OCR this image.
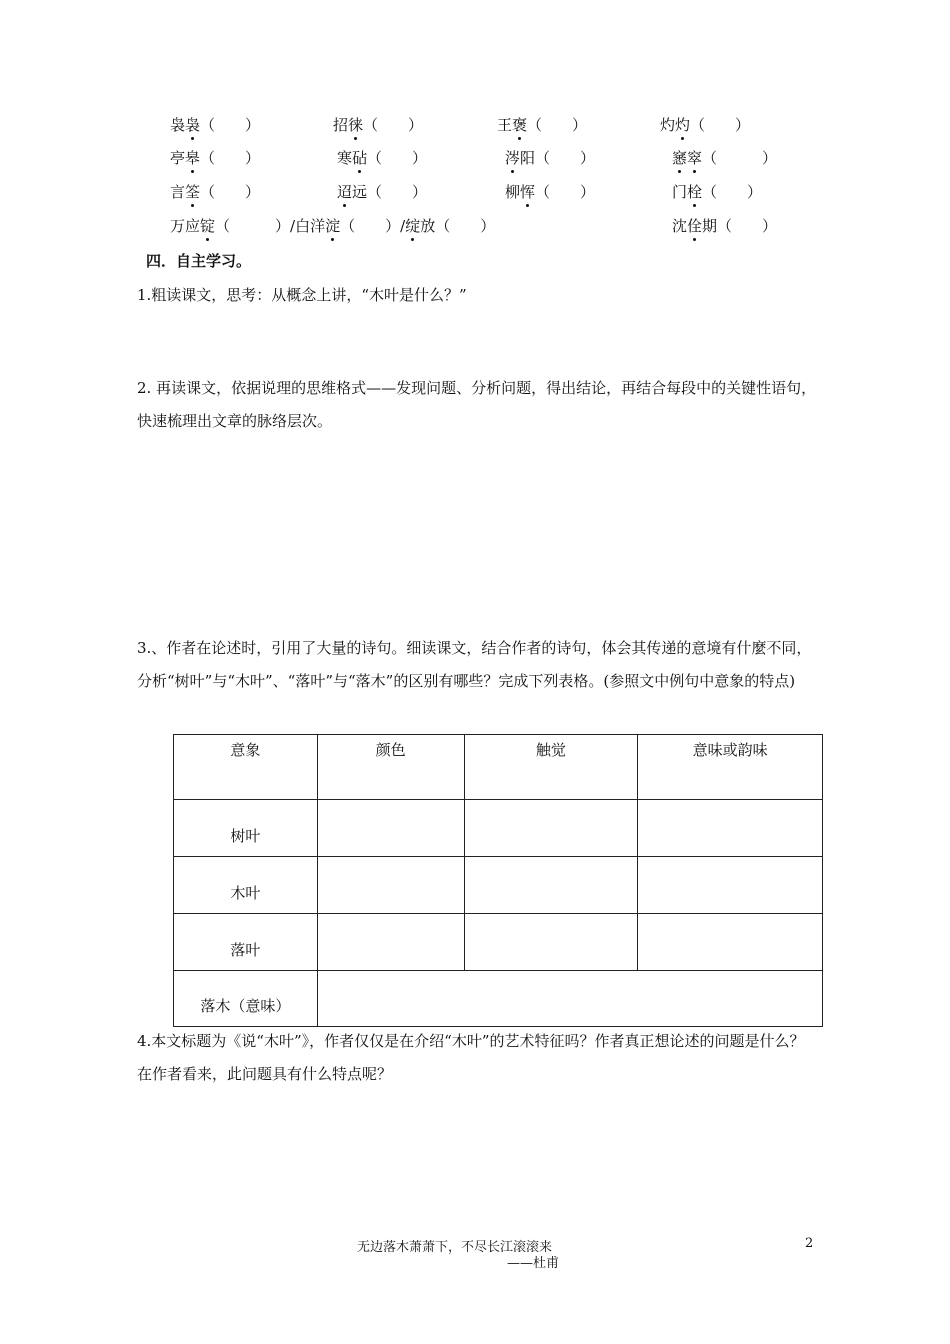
袅袅（　　）	招徕（　　）	王褒（　　）	灼灼（　　）
亭皋（　　）	寒砧（　　）	涔阳（　　）	窸窣（　　　）
言筌（　　）	迢远（　　）	柳恽（　　）	门栓（　　）
万应锭（　　　）/白洋淀（　　）/绽放（　　）	沈佺期（　　）
四．自主学习。
1.粗读课文，思考：从概念上讲，“木叶是什么？”
2. 再读课文，依据说理的思维格式——发现问题、分析问题，得出结论，再结合每段中的关键性语句，快速梳理出文章的脉络层次。
3.、作者在论述时，引用了大量的诗句。细读课文，结合作者的诗句，体会其传递的意境有什麼不同，分析“树叶”与“木叶”、“落叶”与“落木”的区别有哪些？完成下列表格。(参照文中例句中意象的特点)
意象	颜色	触觉	意味或韵味
树叶			
木叶			
落叶			
落木（意味）			
4.本文标题为《说“木叶”》，作者仅仅是在介绍“木叶”的艺术特征吗？作者真正想论述的问题是什么？在作者看来，此问题具有什么特点呢？
无边落木萧萧下，不尽长江滚滚来	2
——杜甫
